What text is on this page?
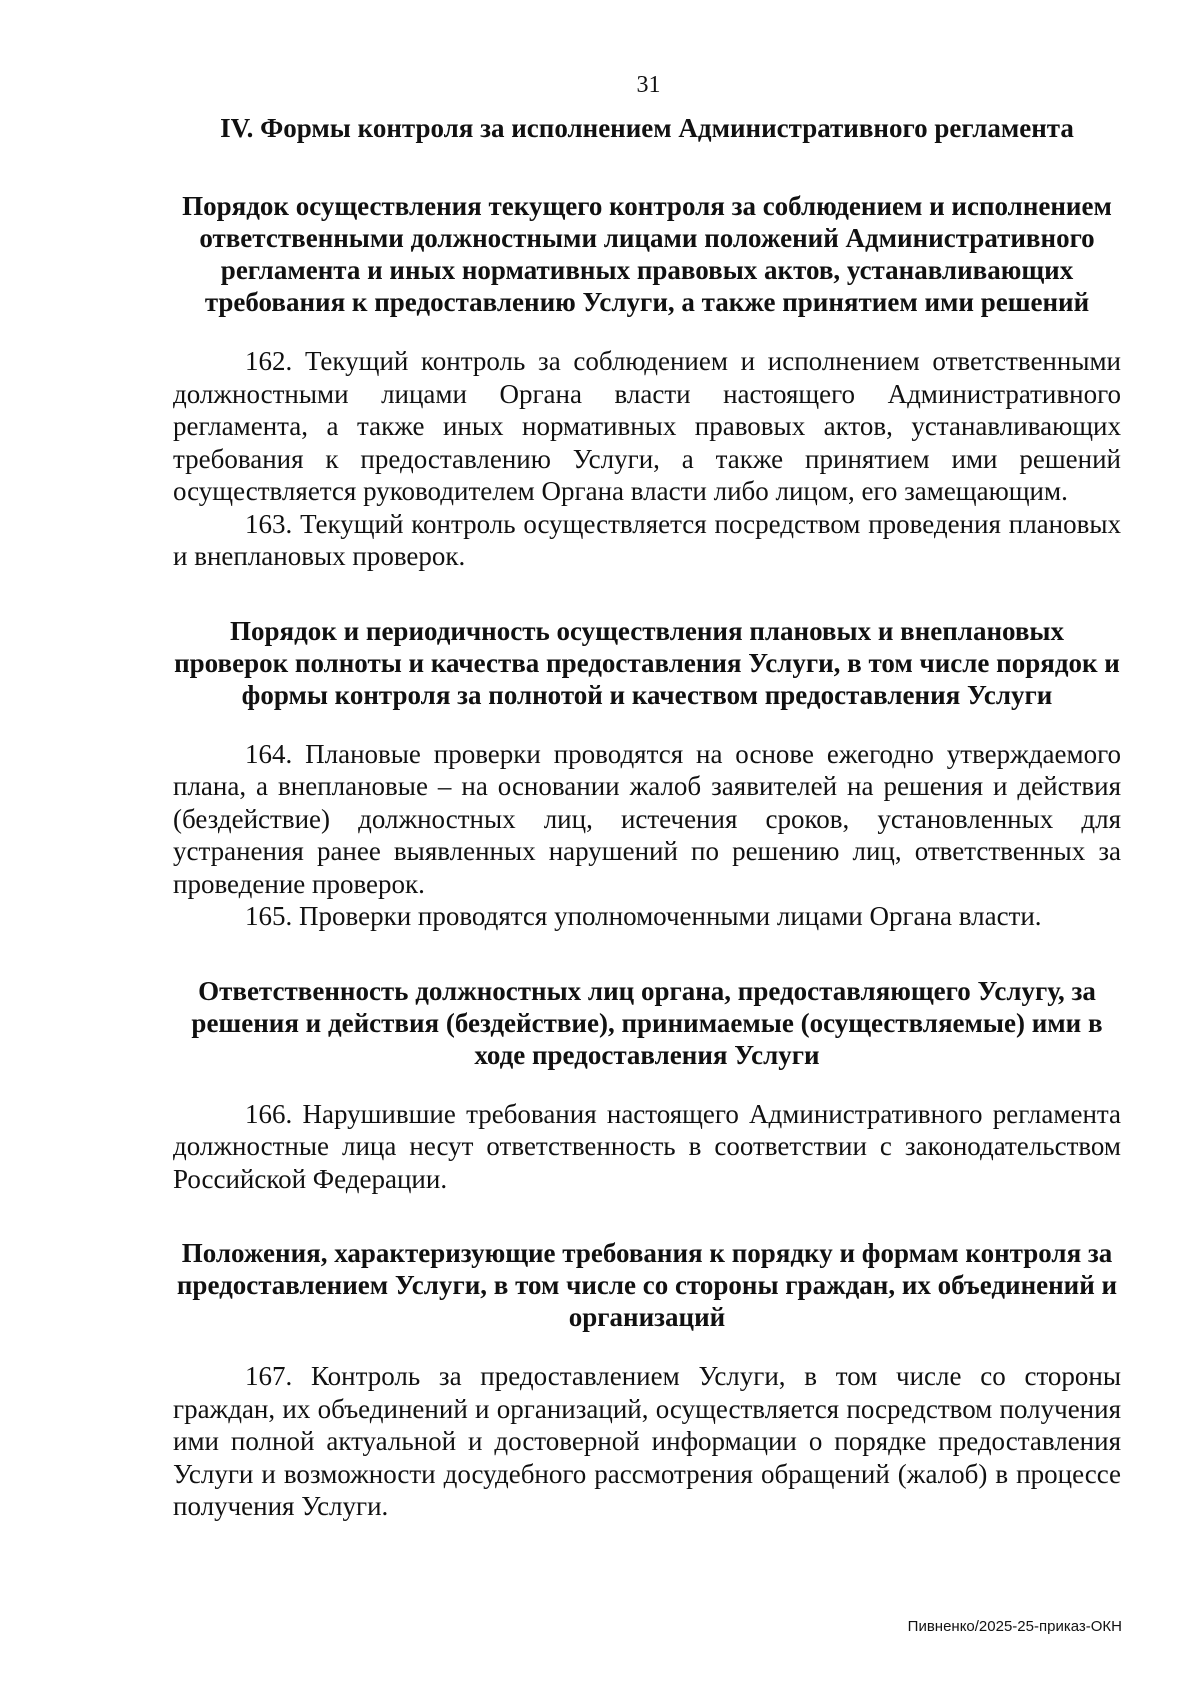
31
IV. Формы контроля за исполнением Административного регламента
Порядок осуществления текущего контроля за соблюдением и исполнением ответственными должностными лицами положений Административного регламента и иных нормативных правовых актов, устанавливающих требования к предоставлению Услуги, а также принятием ими решений

162. Текущий контроль за соблюдением и исполнением ответственными должностными лицами Органа власти настоящего Административного регламента, а также иных нормативных правовых актов, устанавливающих требования к предоставлению Услуги, а также принятием ими решений осуществляется руководителем Органа власти либо лицом, его замещающим.

163. Текущий контроль осуществляется посредством проведения плановых и внеплановых проверок.

Порядок и периодичность осуществления плановых и внеплановых проверок полноты и качества предоставления Услуги, в том числе порядок и формы контроля за полнотой и качеством предоставления Услуги

164. Плановые проверки проводятся на основе ежегодно утверждаемого плана, а внеплановые – на основании жалоб заявителей на решения и действия (бездействие) должностных лиц, истечения сроков, установленных для устранения ранее выявленных нарушений по решению лиц, ответственных за проведение проверок.

165. Проверки проводятся уполномоченными лицами Органа власти.

Ответственность должностных лиц органа, предоставляющего Услугу, за решения и действия (бездействие), принимаемые (осуществляемые) ими в ходе предоставления Услуги

166. Нарушившие требования настоящего Административного регламента должностные лица несут ответственность в соответствии с законодательством Российской Федерации.

Положения, характеризующие требования к порядку и формам контроля за предоставлением Услуги, в том числе со стороны граждан, их объединений и организаций

167. Контроль за предоставлением Услуги, в том числе со стороны граждан, их объединений и организаций, осуществляется посредством получения ими полной актуальной и достоверной информации о порядке предоставления Услуги и возможности досудебного рассмотрения обращений (жалоб) в процессе получения Услуги.

Пивненко/2025-25-приказ-ОКН
